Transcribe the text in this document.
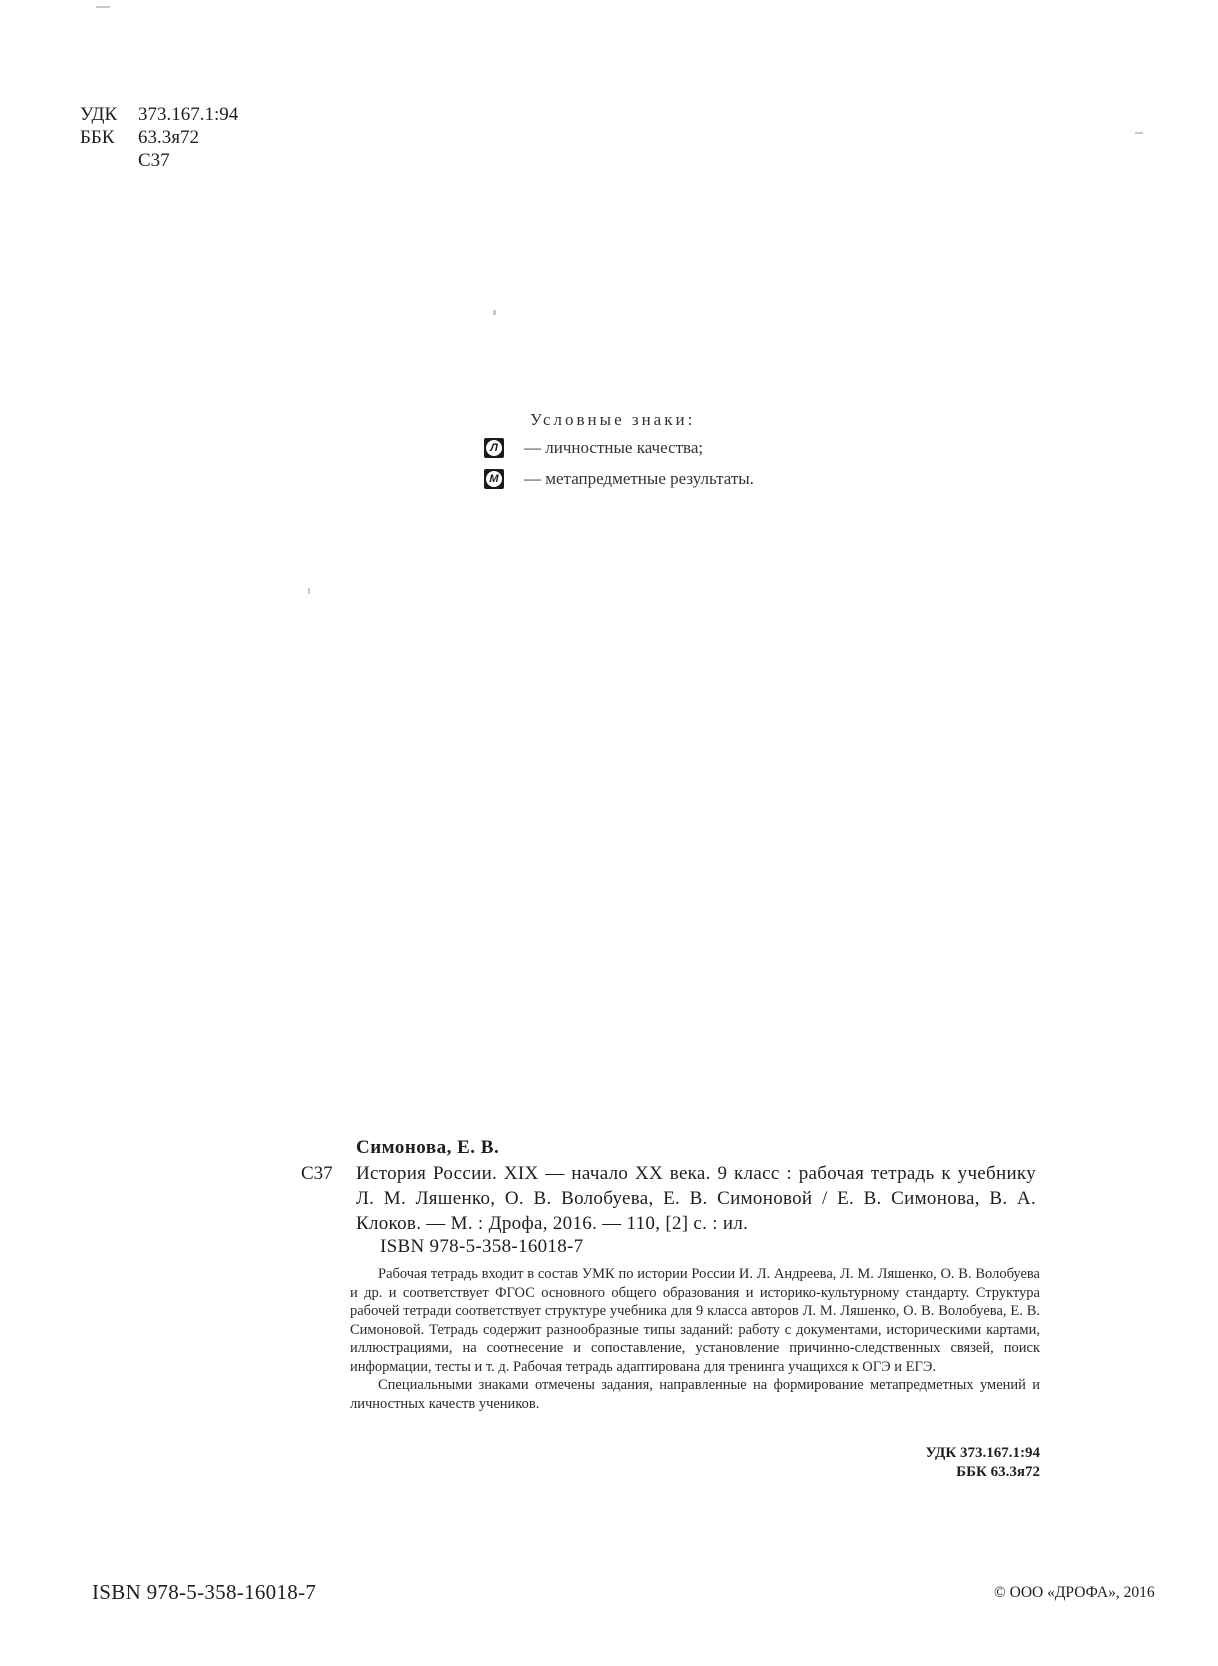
УДК 373.167.1:94
ББК 63.3я72
С37
Условные знаки:
Л — личностные качества;
М — метапредметные результаты.
Симонова, Е. В.
С37 История России. XIX — начало XX века. 9 класс : рабочая тетрадь к учебнику Л. М. Ляшенко, О. В. Волобуева, Е. В. Симоновой / Е. В. Симонова, В. А. Клоков. — М. : Дрофа, 2016. — 110, [2] с. : ил.
ISBN 978-5-358-16018-7

Рабочая тетрадь входит в состав УМК по истории России И. Л. Андреева, Л. М. Ляшенко, О. В. Волобуева и др. и соответствует ФГОС основного общего образования и историко-культурному стандарту. Структура рабочей тетради соответствует структуре учебника для 9 класса авторов Л. М. Ляшенко, О. В. Волобуева, Е. В. Симоновой. Тетрадь содержит разнообразные типы заданий: работу с документами, историческими картами, иллюстрациями, на соотнесение и сопоставление, установление причинно-следственных связей, поиск информации, тесты и т. д. Рабочая тетрадь адаптирована для тренинга учащихся к ОГЭ и ЕГЭ.

Специальными знаками отмечены задания, направленные на формирование метапредметных умений и личностных качеств учеников.

УДК 373.167.1:94
ББК 63.3я72
ISBN 978-5-358-16018-7	© ООО «ДРОФА», 2016
